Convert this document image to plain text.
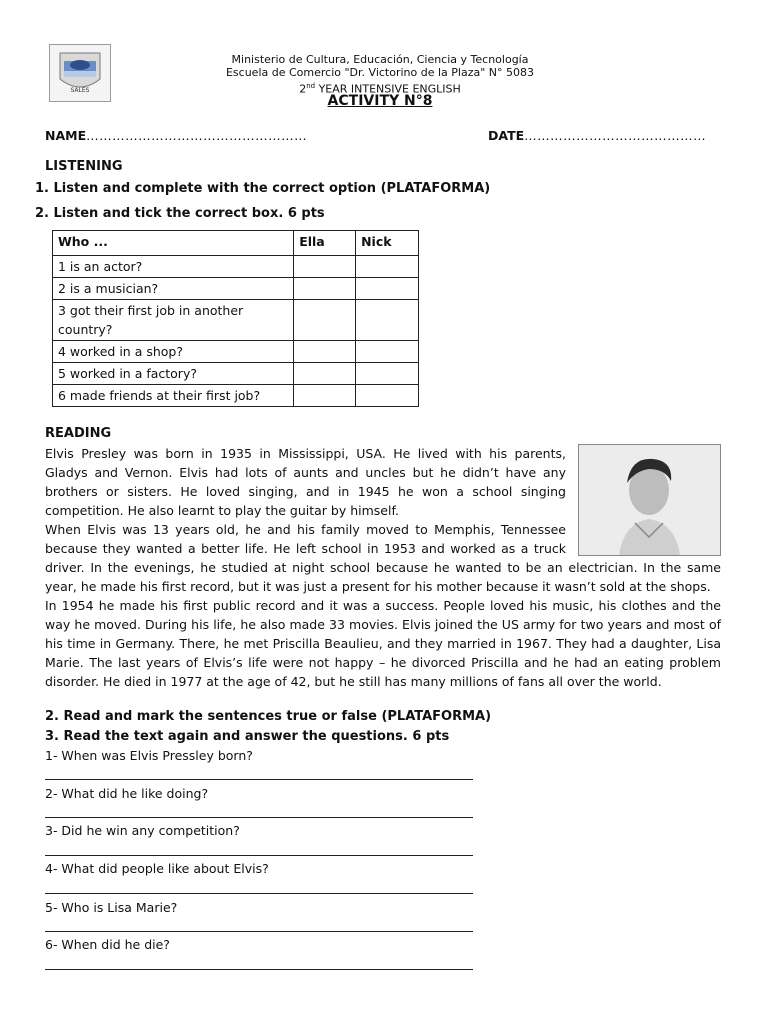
SALES
Ministerio de Cultura, Educación, Ciencia y Tecnología
Escuela de Comercio "Dr. Victorino de la Plaza" N° 5083
2nd YEAR INTENSIVE ENGLISH
ACTIVITY N°8
NAME……………………………………………	DATE……………………………………
LISTENING
1. Listen and complete with the correct option (PLATAFORMA)
2. Listen and tick the correct box. 6 pts
Who ...	Ella	Nick
1 is an actor?		
2 is a musician?		
3 got their first job in another country?		
4 worked in a shop?		
5 worked in a factory?		
6 made friends at their first job?		
READING
Elvis Presley was born in 1935 in Mississippi, USA. He lived with his parents, Gladys and Vernon. Elvis had lots of aunts and uncles but he didn’t have any brothers or sisters. He loved singing, and in 1945 he won a school singing competition. He also learnt to play the guitar by himself.
When Elvis was 13 years old, he and his family moved to Memphis, Tennessee because they wanted a better life. He left school in 1953 and worked as a truck driver. In the evenings, he studied at night school because he wanted to be an electrician. In the same year, he made his first record, but it was just a present for his mother because it wasn’t sold at the shops.
In 1954 he made his first public record and it was a success. People loved his music, his clothes and the way he moved. During his life, he also made 33 movies. Elvis joined the US army for two years and most of his time in Germany. There, he met Priscilla Beaulieu, and they married in 1967. They had a daughter, Lisa Marie. The last years of Elvis’s life were not happy – he divorced Priscilla and he had an eating problem disorder. He died in 1977 at the age of 42, but he still has many millions of fans all over the world.
2. Read and mark the sentences true or false (PLATAFORMA)
3. Read the text again and answer the questions. 6 pts
1- When was Elvis Pressley born?
2- What did he like doing?
3- Did he win any competition?
4- What did people like about Elvis?
5- Who is Lisa Marie?
6- When did he die?
